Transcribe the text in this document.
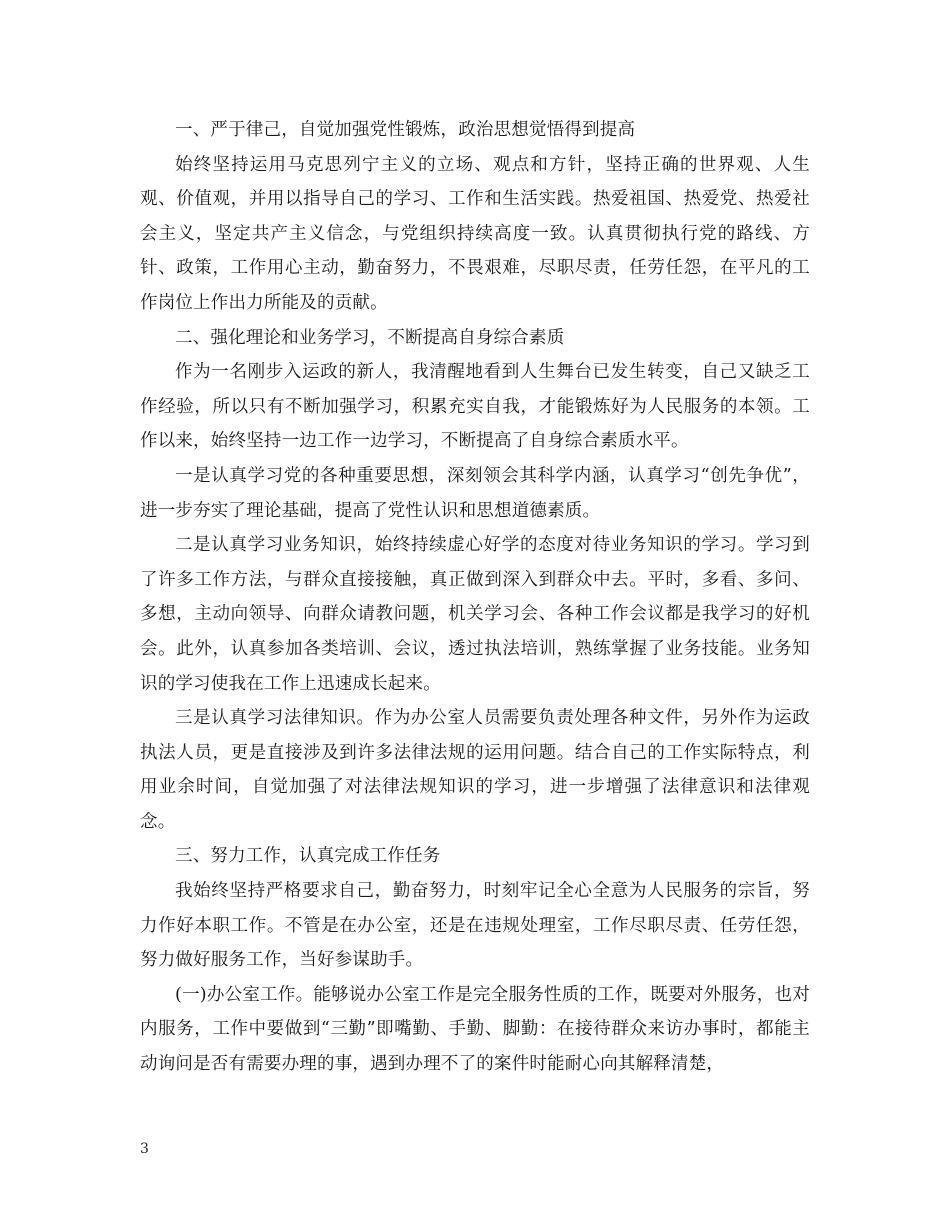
一、严于律己，自觉加强党性锻炼，政治思想觉悟得到提高

始终坚持运用马克思列宁主义的立场、观点和方针，坚持正确的世界观、人生观、价值观，并用以指导自己的学习、工作和生活实践。热爱祖国、热爱党、热爱社会主义，坚定共产主义信念，与党组织持续高度一致。认真贯彻执行党的路线、方针、政策，工作用心主动，勤奋努力，不畏艰难，尽职尽责，任劳任怨，在平凡的工作岗位上作出力所能及的贡献。

二、强化理论和业务学习，不断提高自身综合素质

作为一名刚步入运政的新人，我清醒地看到人生舞台已发生转变，自己又缺乏工作经验，所以只有不断加强学习，积累充实自我，才能锻炼好为人民服务的本领。工作以来，始终坚持一边工作一边学习，不断提高了自身综合素质水平。

一是认真学习党的各种重要思想，深刻领会其科学内涵，认真学习“创先争优”，进一步夯实了理论基础，提高了党性认识和思想道德素质。

二是认真学习业务知识，始终持续虚心好学的态度对待业务知识的学习。学习到了许多工作方法，与群众直接接触，真正做到深入到群众中去。平时，多看、多问、多想，主动向领导、向群众请教问题，机关学习会、各种工作会议都是我学习的好机会。此外，认真参加各类培训、会议，透过执法培训，熟练掌握了业务技能。业务知识的学习使我在工作上迅速成长起来。

三是认真学习法律知识。作为办公室人员需要负责处理各种文件，另外作为运政执法人员，更是直接涉及到许多法律法规的运用问题。结合自己的工作实际特点，利用业余时间，自觉加强了对法律法规知识的学习，进一步增强了法律意识和法律观念。

三、努力工作，认真完成工作任务

我始终坚持严格要求自己，勤奋努力，时刻牢记全心全意为人民服务的宗旨，努力作好本职工作。不管是在办公室，还是在违规处理室，工作尽职尽责、任劳任怨，努力做好服务工作，当好参谋助手。

(一)办公室工作。能够说办公室工作是完全服务性质的工作，既要对外服务，也对内服务，工作中要做到“三勤”即嘴勤、手勤、脚勤：在接待群众来访办事时，都能主动询问是否有需要办理的事，遇到办理不了的案件时能耐心向其解释清楚，

3
